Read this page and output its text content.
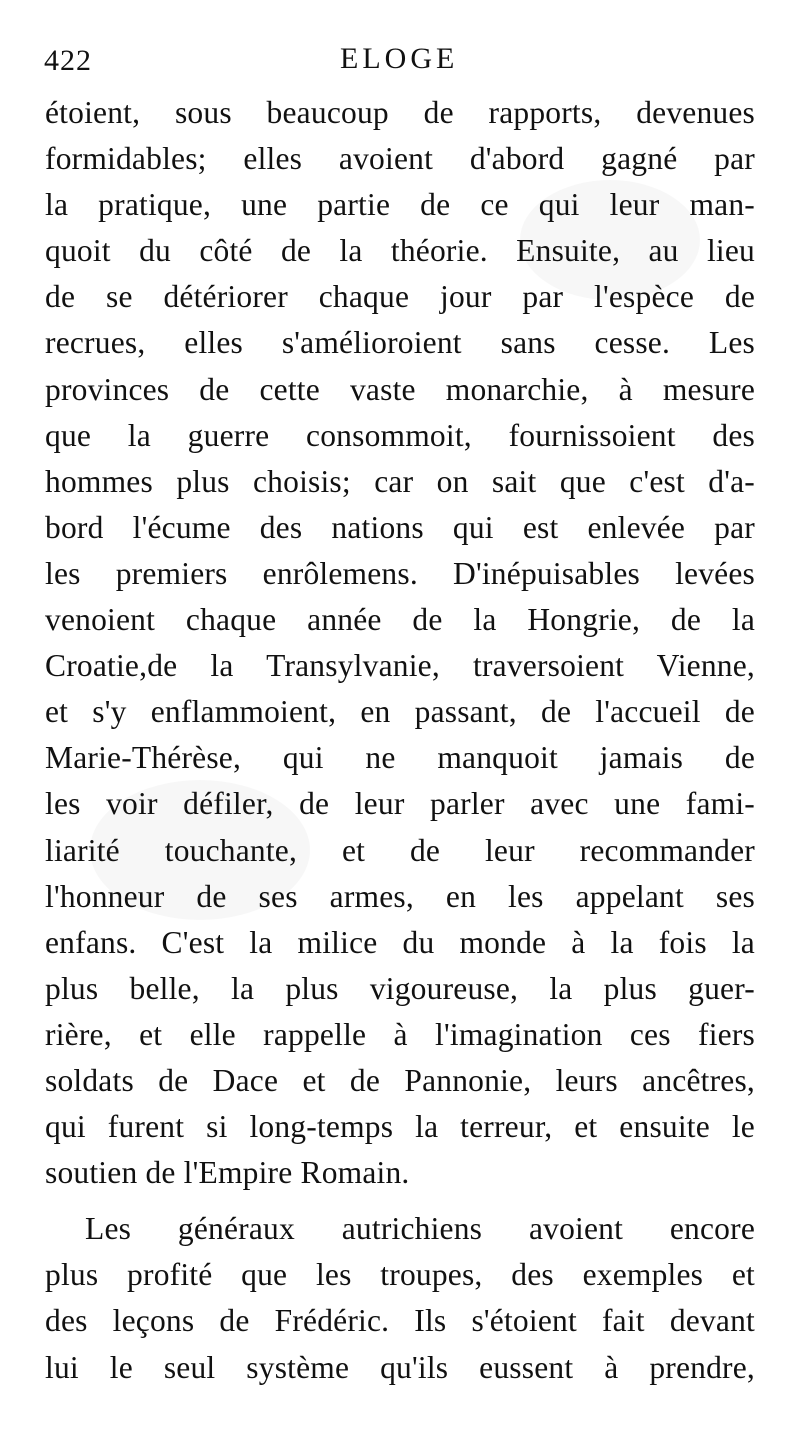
422	ELOGE
étoient, sous beaucoup de rapports, devenues
formidables; elles avoient d'abord gagné par
la pratique, une partie de ce qui leur man-
quoit du côté de la théorie. Ensuite, au lieu
de se détériorer chaque jour par l'espèce de
recrues, elles s'amélioroient sans cesse. Les
provinces de cette vaste monarchie, à mesure
que la guerre consommoit, fournissoient des
hommes plus choisis; car on sait que c'est d'a-
bord l'écume des nations qui est enlevée par
les premiers enrôlemens. D'inépuisables levées
venoient chaque année de la Hongrie, de la
Croatie,de la Transylvanie, traversoient Vienne,
et s'y enflammoient, en passant, de l'accueil de
Marie-Thérèse, qui ne manquoit jamais de
les voir défiler, de leur parler avec une fami-
liarité touchante, et de leur recommander
l'honneur de ses armes, en les appelant ses
enfans. C'est la milice du monde à la fois la
plus belle, la plus vigoureuse, la plus guer-
rière, et elle rappelle à l'imagination ces fiers
soldats de Dace et de Pannonie, leurs ancêtres,
qui furent si long-temps la terreur, et ensuite le
soutien de l'Empire Romain.
Les généraux autrichiens avoient encore
plus profité que les troupes, des exemples et
des leçons de Frédéric. Ils s'étoient fait devant
lui le seul système qu'ils eussent à prendre,
